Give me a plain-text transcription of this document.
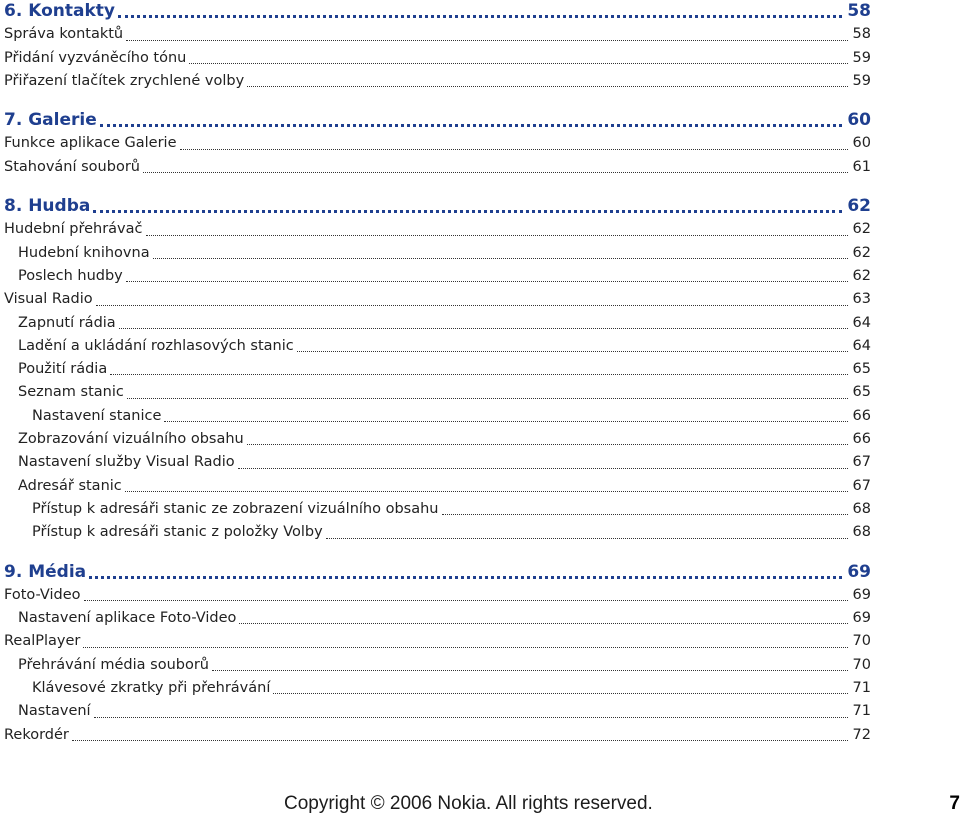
6. Kontakty	58
Správa kontaktů	58
Přidání vyzváněcího tónu	59
Přiřazení tlačítek zrychlené volby	59
7. Galerie	60
Funkce aplikace Galerie	60
Stahování souborů	61
8. Hudba	62
Hudební přehrávač	62
Hudební knihovna	62
Poslech hudby	62
Visual Radio	63
Zapnutí rádia	64
Ladění a ukládání rozhlasových stanic	64
Použití rádia	65
Seznam stanic	65
Nastavení stanice	66
Zobrazování vizuálního obsahu	66
Nastavení služby Visual Radio	67
Adresář stanic	67
Přístup k adresáři stanic ze zobrazení vizuálního obsahu	68
Přístup k adresáři stanic z položky Volby	68
9. Média	69
Foto-Video	69
Nastavení aplikace Foto-Video	69
RealPlayer	70
Přehrávání média souborů	70
Klávesové zkratky při přehrávání	71
Nastavení	71
Rekordér	72
Copyright © 2006 Nokia. All rights reserved.	7
